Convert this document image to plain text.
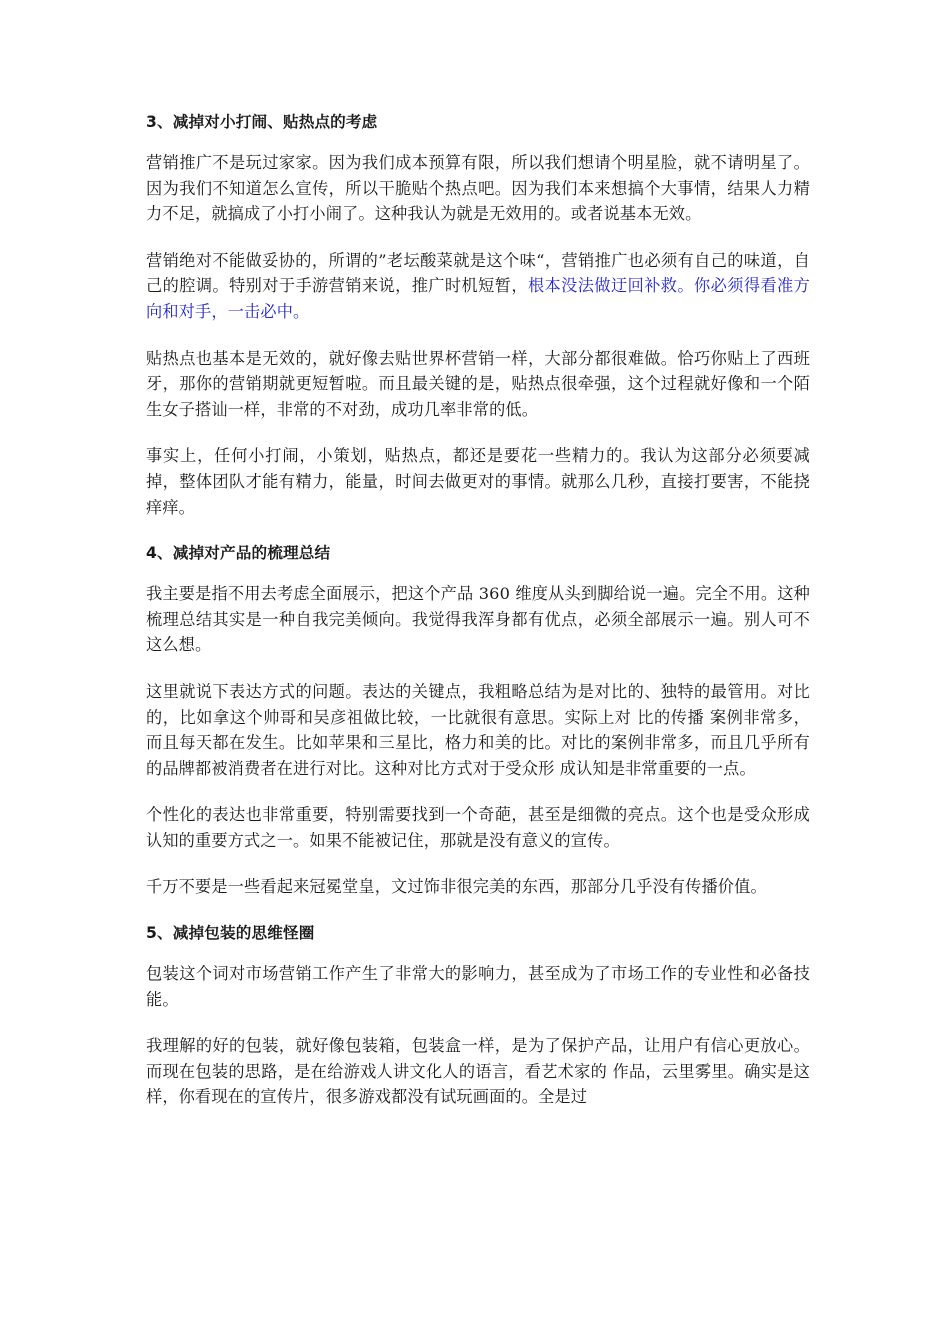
3、减掉对小打闹、贴热点的考虑

营销推广不是玩过家家。因为我们成本预算有限，所以我们想请个明星脸，就不请明星了。因为我们不知道怎么宣传，所以干脆贴个热点吧。因为我们本来想搞个大事情，结果人力精力不足，就搞成了小打小闹了。这种我认为就是无效用的。或者说基本无效。

营销绝对不能做妥协的，所谓的”老坛酸菜就是这个味“，营销推广也必须有自己的味道，自己的腔调。特别对于手游营销来说，推广时机短暂，根本没法做迂回补救。你必须得看准方向和对手，一击必中。

贴热点也基本是无效的，就好像去贴世界杯营销一样，大部分都很难做。恰巧你贴上了西班牙，那你的营销期就更短暂啦。而且最关键的是，贴热点很牵强，这个过程就好像和一个陌生女子搭讪一样，非常的不对劲，成功几率非常的低。

事实上，任何小打闹，小策划，贴热点，都还是要花一些精力的。我认为这部分必须要减掉，整体团队才能有精力，能量，时间去做更对的事情。就那么几秒，直接打要害，不能挠痒痒。

4、减掉对产品的梳理总结

我主要是指不用去考虑全面展示，把这个产品 360 维度从头到脚给说一遍。完全不用。这种梳理总结其实是一种自我完美倾向。我觉得我浑身都有优点，必须全部展示一遍。别人可不这么想。

这里就说下表达方式的问题。表达的关键点，我粗略总结为是对比的、独特的最管用。对比的，比如拿这个帅哥和吴彦祖做比较，一比就很有意思。实际上对 比的传播 案例非常多，而且每天都在发生。比如苹果和三星比，格力和美的比。对比的案例非常多，而且几乎所有的品牌都被消费者在进行对比。这种对比方式对于受众形 成认知是非常重要的一点。

个性化的表达也非常重要，特别需要找到一个奇葩，甚至是细微的亮点。这个也是受众形成认知的重要方式之一。如果不能被记住，那就是没有意义的宣传。

千万不要是一些看起来冠冕堂皇，文过饰非很完美的东西，那部分几乎没有传播价值。

5、减掉包装的思维怪圈

包装这个词对市场营销工作产生了非常大的影响力，甚至成为了市场工作的专业性和必备技能。

我理解的好的包装，就好像包装箱，包装盒一样，是为了保护产品，让用户有信心更放心。而现在包装的思路，是在给游戏人讲文化人的语言，看艺术家的 作品，云里雾里。确实是这样，你看现在的宣传片，很多游戏都没有试玩画面的。全是过
